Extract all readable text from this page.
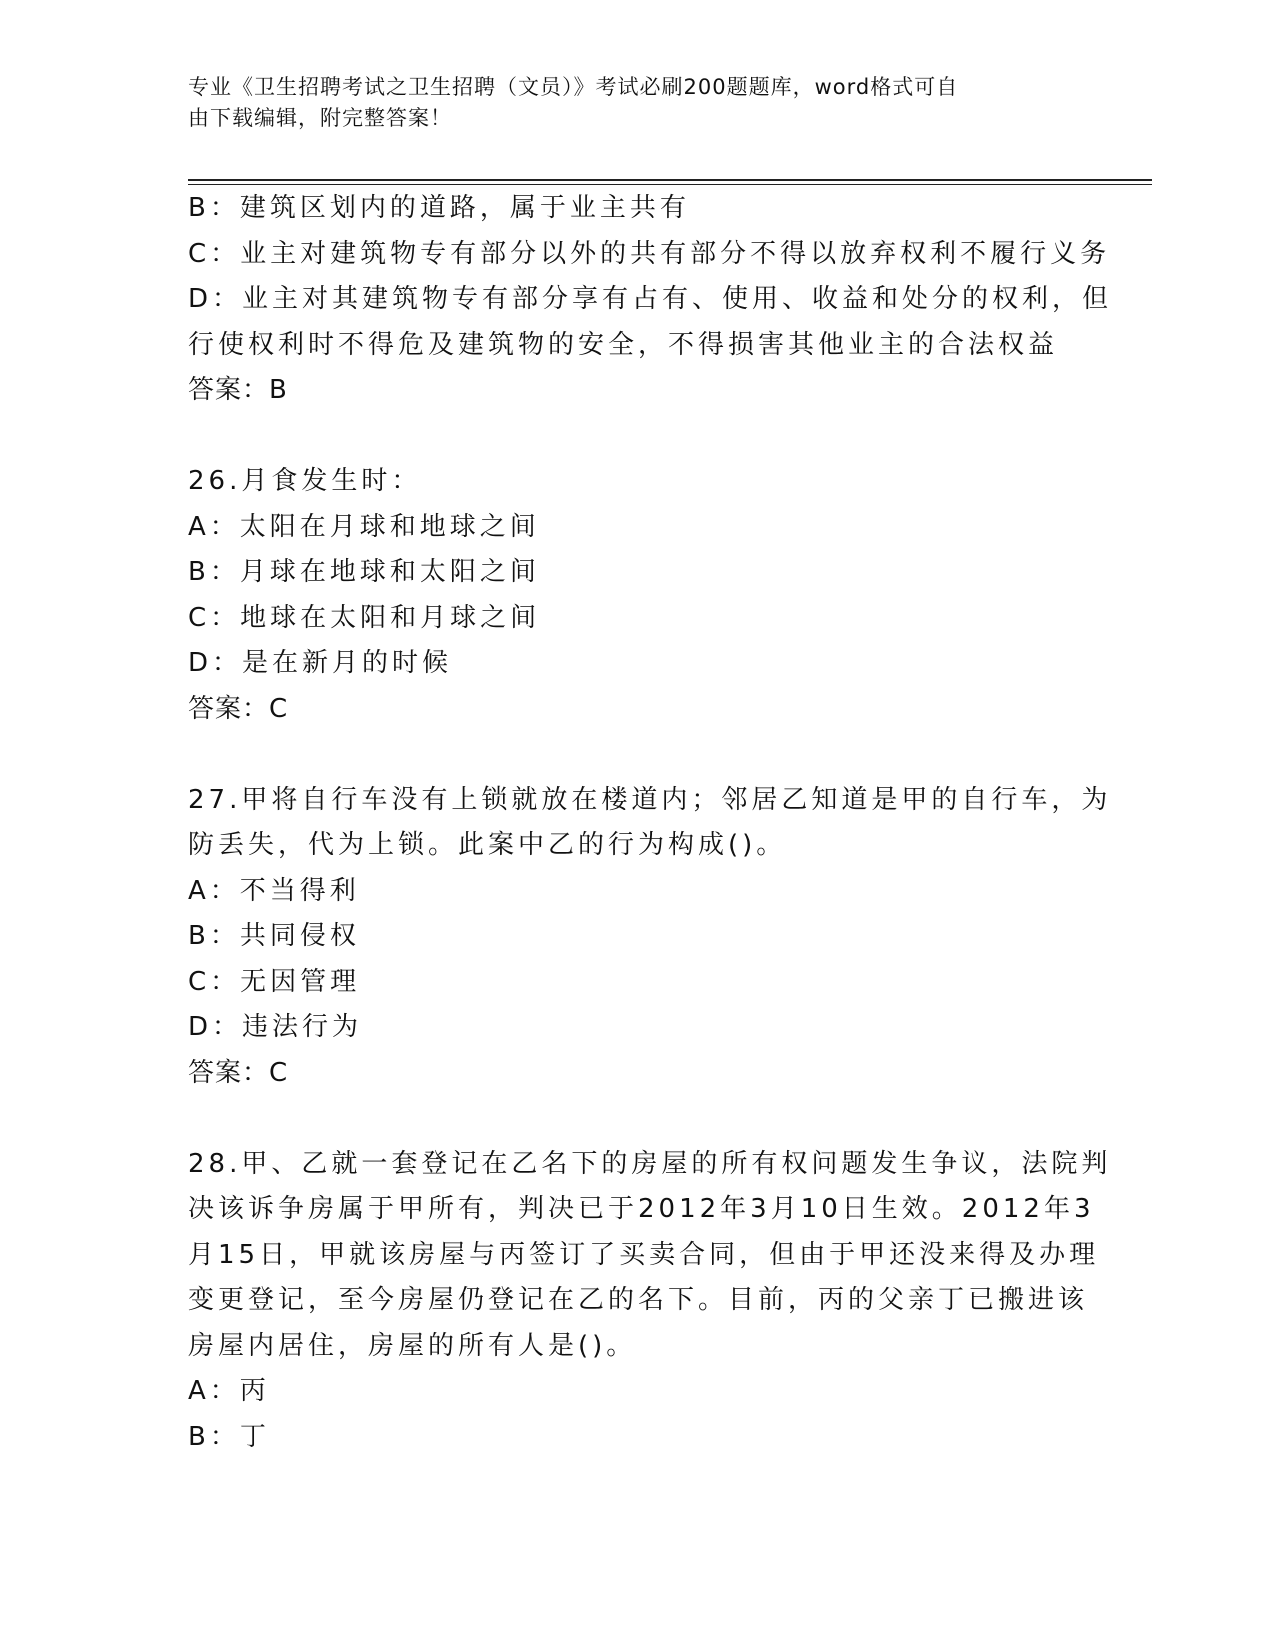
专业《卫生招聘考试之卫生招聘（文员）》考试必刷200题题库，word格式可自
由下载编辑，附完整答案！
B：建筑区划内的道路，属于业主共有
C：业主对建筑物专有部分以外的共有部分不得以放弃权利不履行义务
D：业主对其建筑物专有部分享有占有、使用、收益和处分的权利，但
行使权利时不得危及建筑物的安全，不得损害其他业主的合法权益
答案：B
26.月食发生时：
A：太阳在月球和地球之间
B：月球在地球和太阳之间
C：地球在太阳和月球之间
D：是在新月的时候
答案：C
27.甲将自行车没有上锁就放在楼道内；邻居乙知道是甲的自行车，为
防丢失，代为上锁。此案中乙的行为构成()。
A：不当得利
B：共同侵权
C：无因管理
D：违法行为
答案：C
28.甲、乙就一套登记在乙名下的房屋的所有权问题发生争议，法院判
决该诉争房属于甲所有，判决已于2012年3月10日生效。2012年3
月15日，甲就该房屋与丙签订了买卖合同，但由于甲还没来得及办理
变更登记，至今房屋仍登记在乙的名下。目前，丙的父亲丁已搬进该
房屋内居住，房屋的所有人是()。
A：丙
B：丁
